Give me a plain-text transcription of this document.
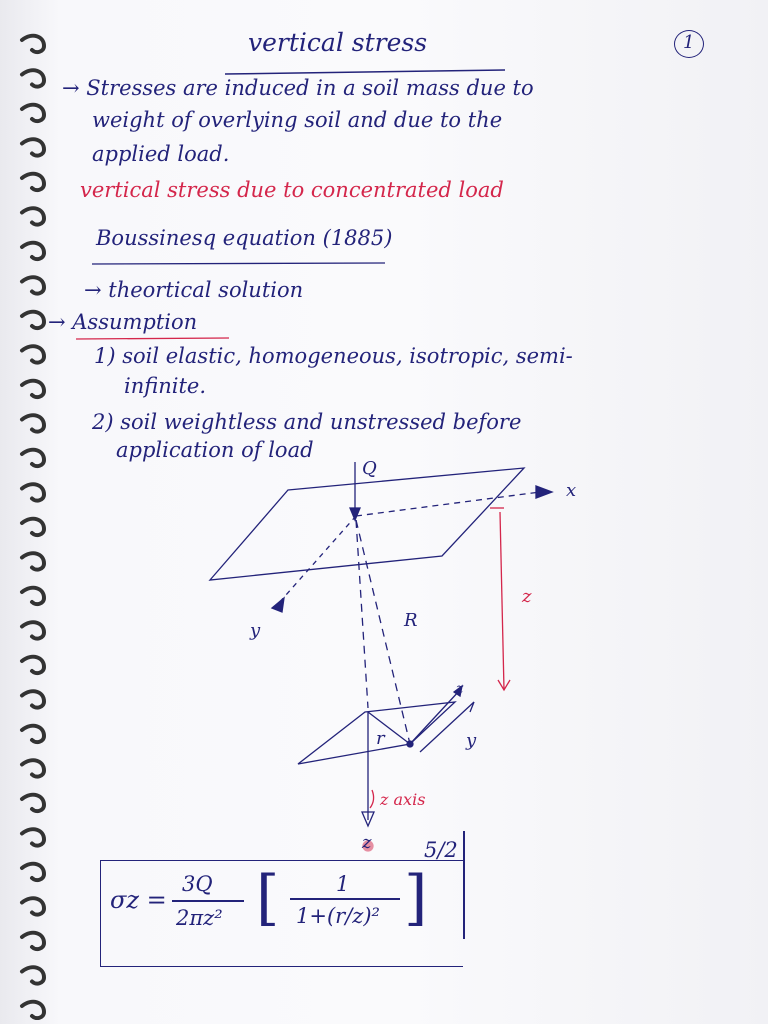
vertical stress	1
→ Stresses are induced in a soil mass due to
weight of overlying soil and due to the
applied load.
vertical stress due to concentrated load
Boussinesq equation (1885)
→ theortical solution
→ Assumption
1) soil elastic, homogeneous, isotropic, semi-
infinite.
2) soil weightless and unstressed before
application of load
Q
x
y
z
R
z
y
r
z axis
z
σz =
3Q
2πz² [	1
1+(r/z)² ]
5/2
